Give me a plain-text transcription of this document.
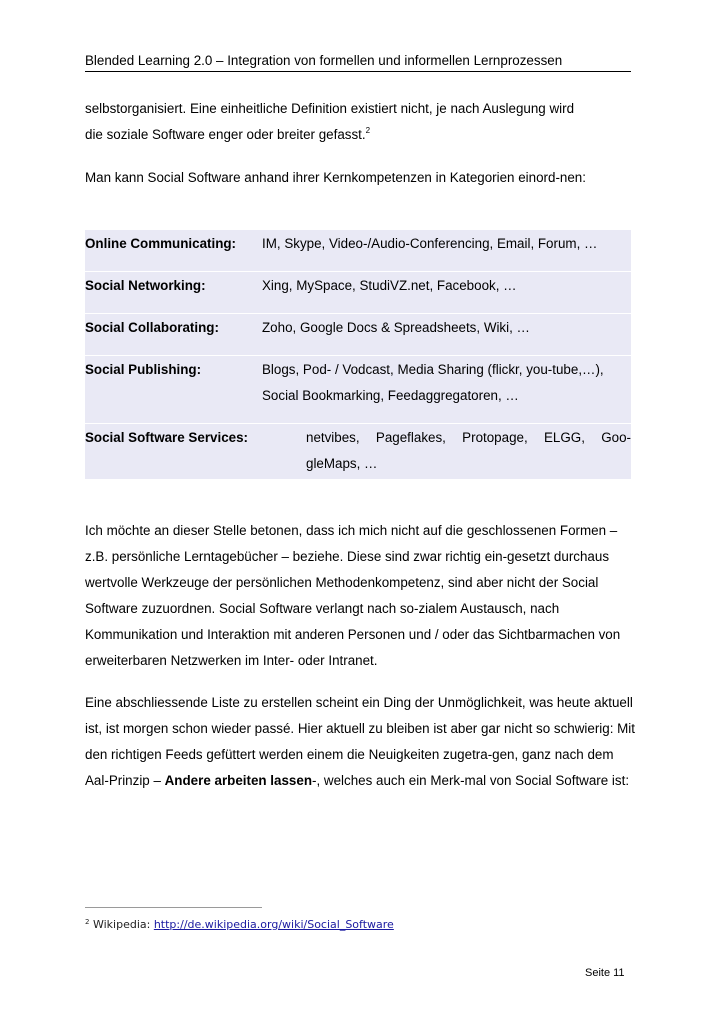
Blended Learning 2.0 – Integration von formellen und informellen Lernprozessen

selbstorganisiert. Eine einheitliche Definition existiert nicht, je nach Auslegung wird
die soziale Software enger oder breiter gefasst.$^2$

Man kann Social Software anhand ihrer Kernkompetenzen in Kategorien einord-nen:

Online Communicating:	IM, Skype, Video-/Audio-Conferencing, Email, Forum, …
Social Networking:	Xing, MySpace, StudiVZ.net, Facebook, …
Social Collaborating:	Zoho, Google Docs & Spreadsheets, Wiki, …
Social Publishing:	Blogs, Pod- / Vodcast, Media Sharing (flickr, you-tube,…), Social Bookmarking, Feedaggregatoren, …

Social Software Services: netvibes, Pageflakes, Protopage, ELGG, Goo-gleMaps, …	

Ich möchte an dieser Stelle betonen, dass ich mich nicht auf die geschlossenen Formen – z.B. persönliche Lerntagebücher – beziehe. Diese sind zwar richtig ein-gesetzt durchaus wertvolle Werkzeuge der persönlichen Methodenkompetenz, sind aber nicht der Social Software zuzuordnen. Social Software verlangt nach so-zialem Austausch, nach Kommunikation und Interaktion mit anderen Personen und / oder das Sichtbarmachen von erweiterbaren Netzwerken im Inter- oder Intranet.

Eine abschliessende Liste zu erstellen scheint ein Ding der Unmöglichkeit, was heute aktuell ist, ist morgen schon wieder passé. Hier aktuell zu bleiben ist aber gar nicht so schwierig: Mit den richtigen Feeds gefüttert werden einem die Neuigkeiten zugetra-gen, ganz nach dem Aal-Prinzip – Andere arbeiten lassen-, welches auch ein Merk-mal von Social Software ist:

$^2$ Wikipedia: http://de.wikipedia.org/wiki/Social_Software
Seite 11
